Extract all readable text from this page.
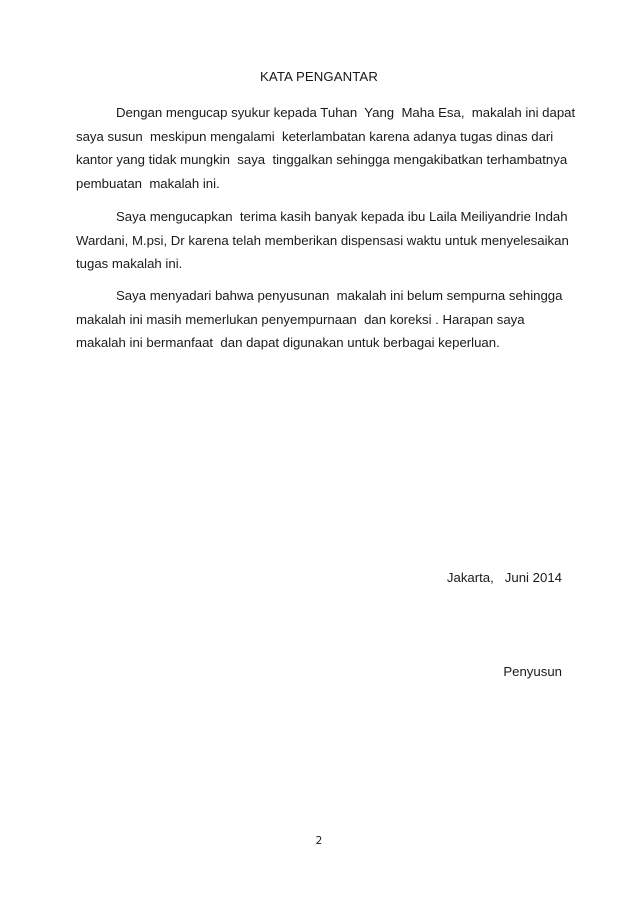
KATA PENGANTAR

Dengan mengucap syukur kepada Tuhan  Yang  Maha Esa,  makalah ini dapat
saya susun  meskipun mengalami  keterlambatan karena adanya tugas dinas dari
kantor yang tidak mungkin  saya  tinggalkan sehingga mengakibatkan terhambatnya
pembuatan  makalah ini.

Saya mengucapkan  terima kasih banyak kepada ibu Laila Meiliyandrie Indah
Wardani, M.psi, Dr karena telah memberikan dispensasi waktu untuk menyelesaikan
tugas makalah ini.

Saya menyadari bahwa penyusunan  makalah ini belum sempurna sehingga
makalah ini masih memerlukan penyempurnaan  dan koreksi . Harapan saya
makalah ini bermanfaat  dan dapat digunakan untuk berbagai keperluan.

Jakarta,   Juni 2014
Penyusun
2
